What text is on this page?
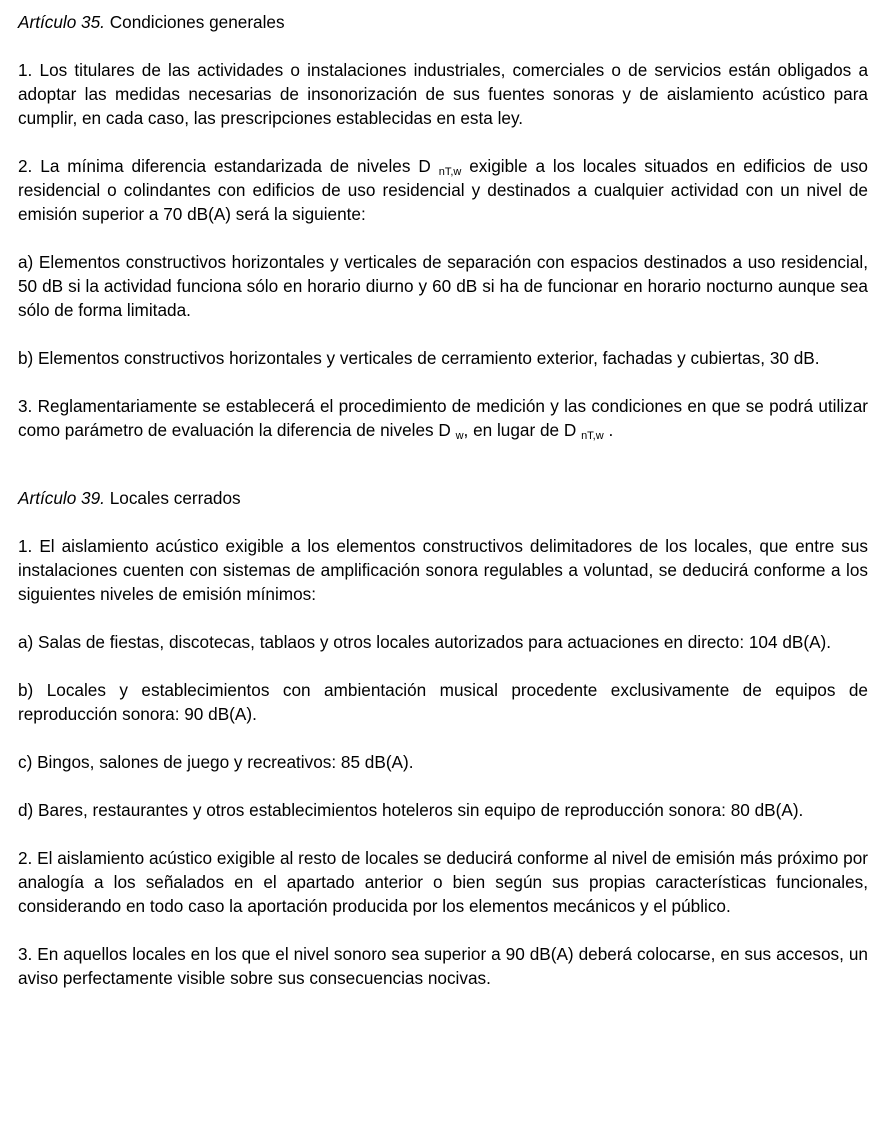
Artículo 35. Condiciones generales

1. Los titulares de las actividades o instalaciones industriales, comerciales o de servicios están obligados a adoptar las medidas necesarias de insonorización de sus fuentes sonoras y de aislamiento acústico para cumplir, en cada caso, las prescripciones establecidas en esta ley.

2. La mínima diferencia estandarizada de niveles D $_{nT,w}$ exigible a los locales situados en edificios de uso residencial o colindantes con edificios de uso residencial y destinados a cualquier actividad con un nivel de emisión superior a 70 dB(A) será la siguiente:

a) Elementos constructivos horizontales y verticales de separación con espacios destinados a uso residencial, 50 dB si la actividad funciona sólo en horario diurno y 60 dB si ha de funcionar en horario nocturno aunque sea sólo de forma limitada.

b) Elementos constructivos horizontales y verticales de cerramiento exterior, fachadas y cubiertas, 30 dB.

3. Reglamentariamente se establecerá el procedimiento de medición y las condiciones en que se podrá utilizar como parámetro de evaluación la diferencia de niveles D $_w$, en lugar de D $_{nT,w}$ .

Artículo 39. Locales cerrados

1. El aislamiento acústico exigible a los elementos constructivos delimitadores de los locales, que entre sus instalaciones cuenten con sistemas de amplificación sonora regulables a voluntad, se deducirá conforme a los siguientes niveles de emisión mínimos:

a) Salas de fiestas, discotecas, tablaos y otros locales autorizados para actuaciones en directo: 104 dB(A).

b) Locales y establecimientos con ambientación musical procedente exclusivamente de equipos de reproducción sonora: 90 dB(A).

c) Bingos, salones de juego y recreativos: 85 dB(A).

d) Bares, restaurantes y otros establecimientos hoteleros sin equipo de reproducción sonora: 80 dB(A).

2. El aislamiento acústico exigible al resto de locales se deducirá conforme al nivel de emisión más próximo por analogía a los señalados en el apartado anterior o bien según sus propias características funcionales, considerando en todo caso la aportación producida por los elementos mecánicos y el público.

3. En aquellos locales en los que el nivel sonoro sea superior a 90 dB(A) deberá colocarse, en sus accesos, un aviso perfectamente visible sobre sus consecuencias nocivas.
